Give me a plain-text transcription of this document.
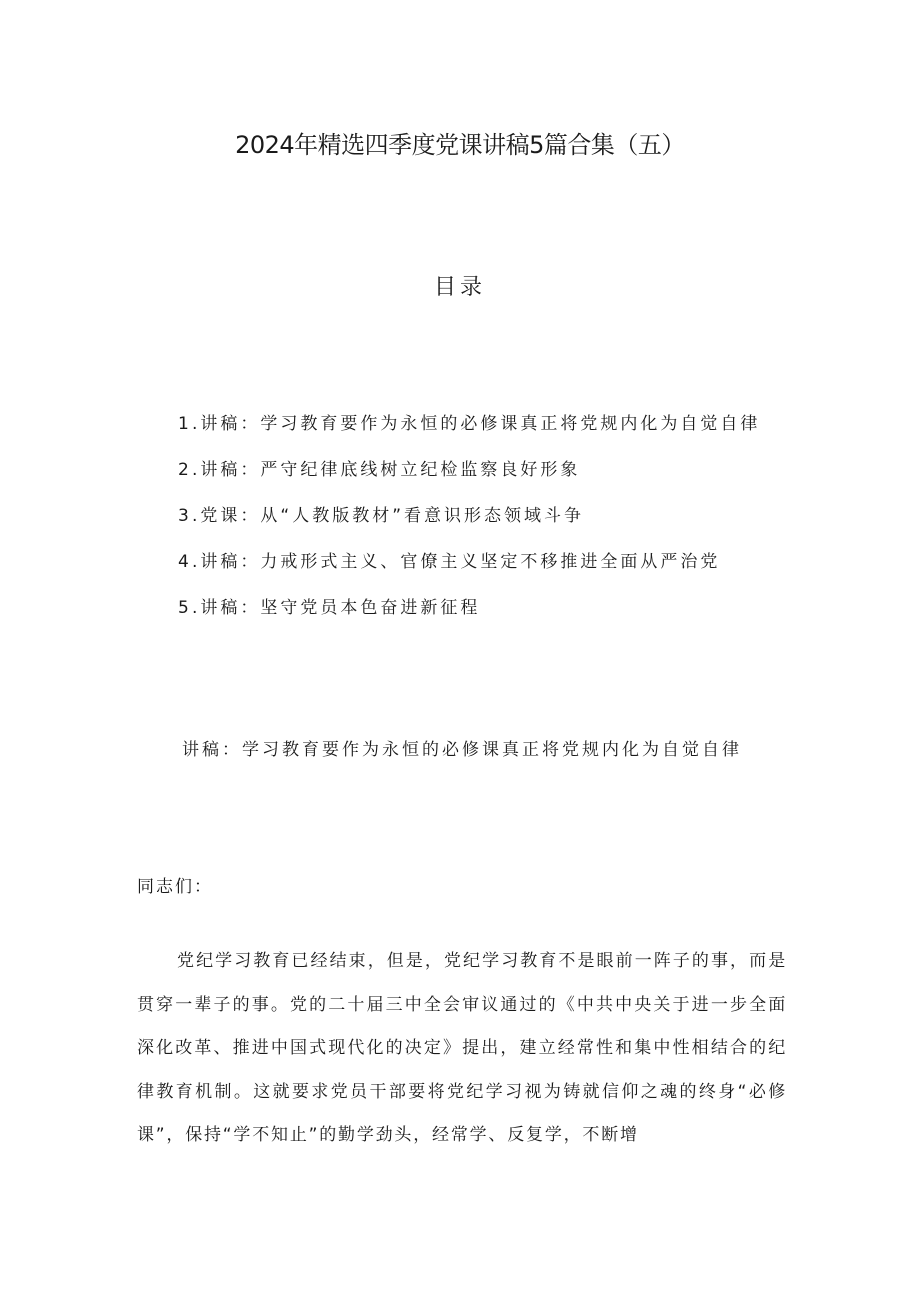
2024年精选四季度党课讲稿5篇合集（五）
目录
1.讲稿：学习教育要作为永恒的必修课真正将党规内化为自觉自律
2.讲稿：严守纪律底线树立纪检监察良好形象
3.党课：从“人教版教材”看意识形态领域斗争
4.讲稿：力戒形式主义、官僚主义坚定不移推进全面从严治党
5.讲稿：坚守党员本色奋进新征程
讲稿：学习教育要作为永恒的必修课真正将党规内化为自觉自律
同志们：

党纪学习教育已经结束，但是，党纪学习教育不是眼前一阵子的事，而是贯穿一辈子的事。党的二十届三中全会审议通过的《中共中央关于进一步全面深化改革、推进中国式现代化的决定》提出，建立经常性和集中性相结合的纪律教育机制。这就要求党员干部要将党纪学习视为铸就信仰之魂的终身“必修课”，保持“学不知止”的勤学劲头，经常学、反复学，不断增
